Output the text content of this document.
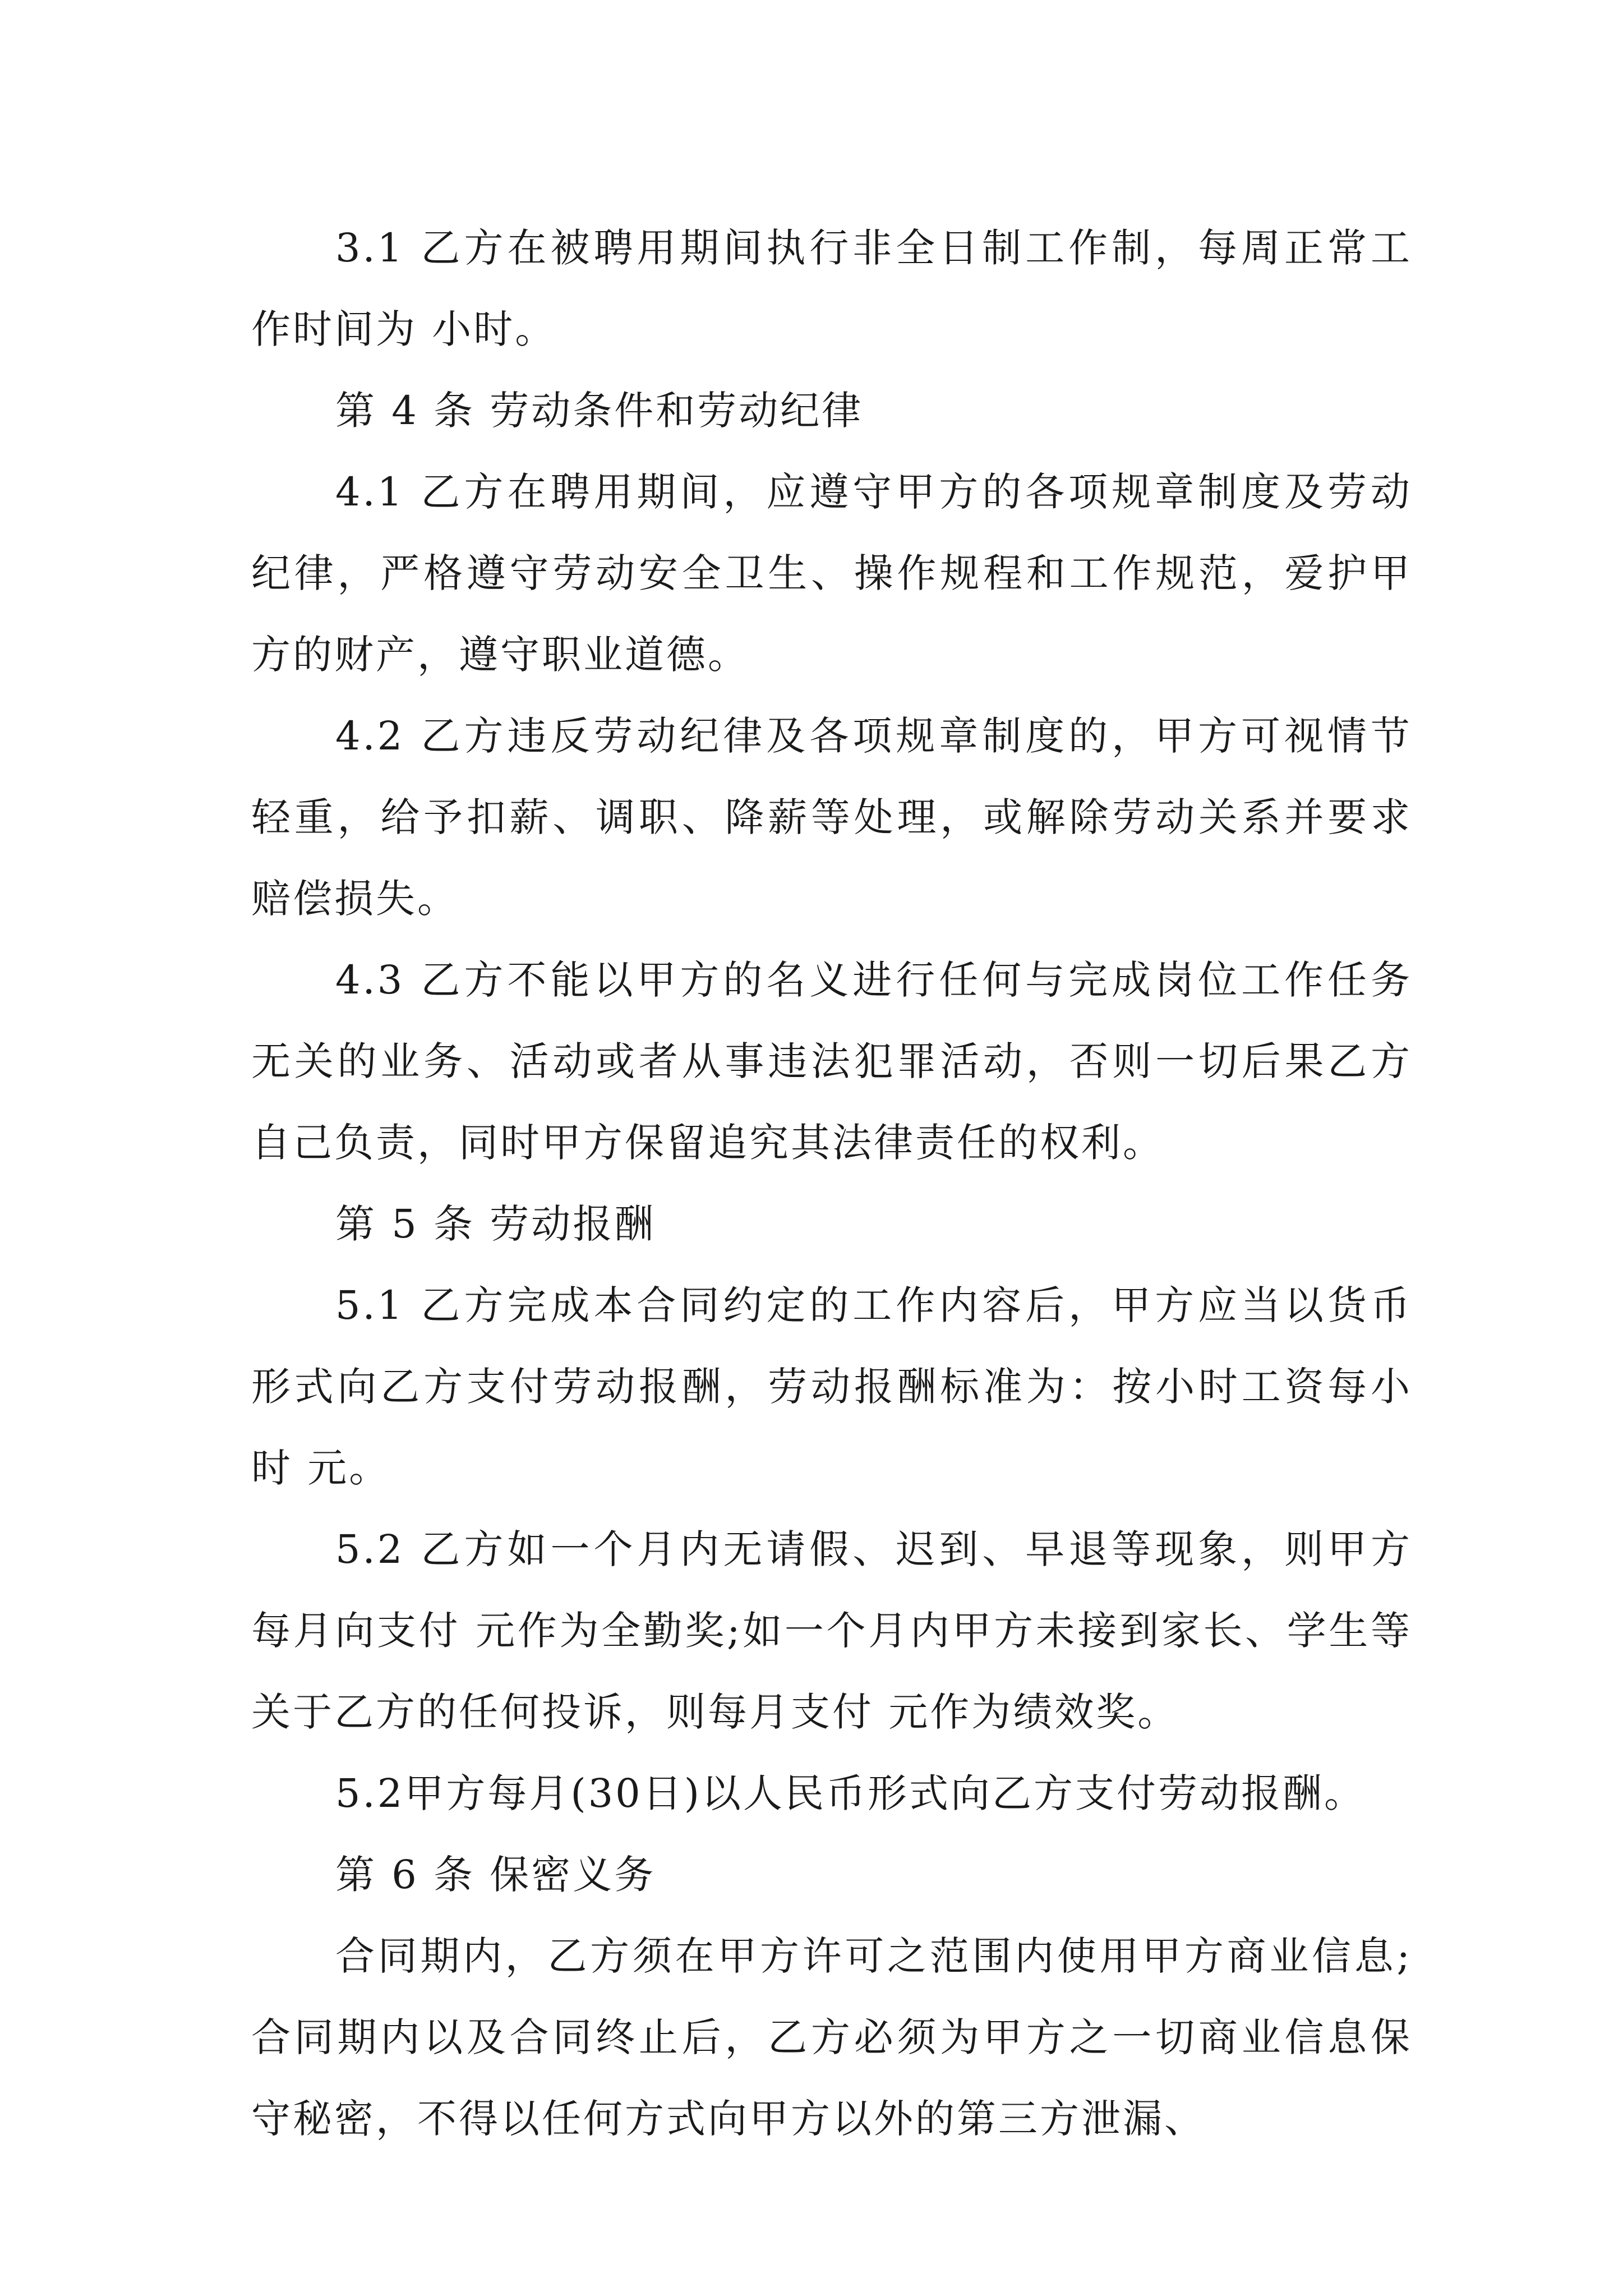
3.1 乙方在被聘用期间执行非全日制工作制，每周正常工作时间为 小时。

第 4 条 劳动条件和劳动纪律

4.1 乙方在聘用期间，应遵守甲方的各项规章制度及劳动纪律，严格遵守劳动安全卫生、操作规程和工作规范，爱护甲方的财产，遵守职业道德。

4.2 乙方违反劳动纪律及各项规章制度的，甲方可视情节轻重，给予扣薪、调职、降薪等处理，或解除劳动关系并要求赔偿损失。

4.3 乙方不能以甲方的名义进行任何与完成岗位工作任务无关的业务、活动或者从事违法犯罪活动，否则一切后果乙方自己负责，同时甲方保留追究其法律责任的权利。

第 5 条 劳动报酬

5.1 乙方完成本合同约定的工作内容后，甲方应当以货币形式向乙方支付劳动报酬，劳动报酬标准为：按小时工资每小时 元。

5.2 乙方如一个月内无请假、迟到、早退等现象，则甲方每月向支付 元作为全勤奖;如一个月内甲方未接到家长、学生等关于乙方的任何投诉，则每月支付 元作为绩效奖。

5.2甲方每月(30日)以人民币形式向乙方支付劳动报酬。

第 6 条 保密义务

合同期内，乙方须在甲方许可之范围内使用甲方商业信息;合同期内以及合同终止后，乙方必须为甲方之一切商业信息保守秘密，不得以任何方式向甲方以外的第三方泄漏、
